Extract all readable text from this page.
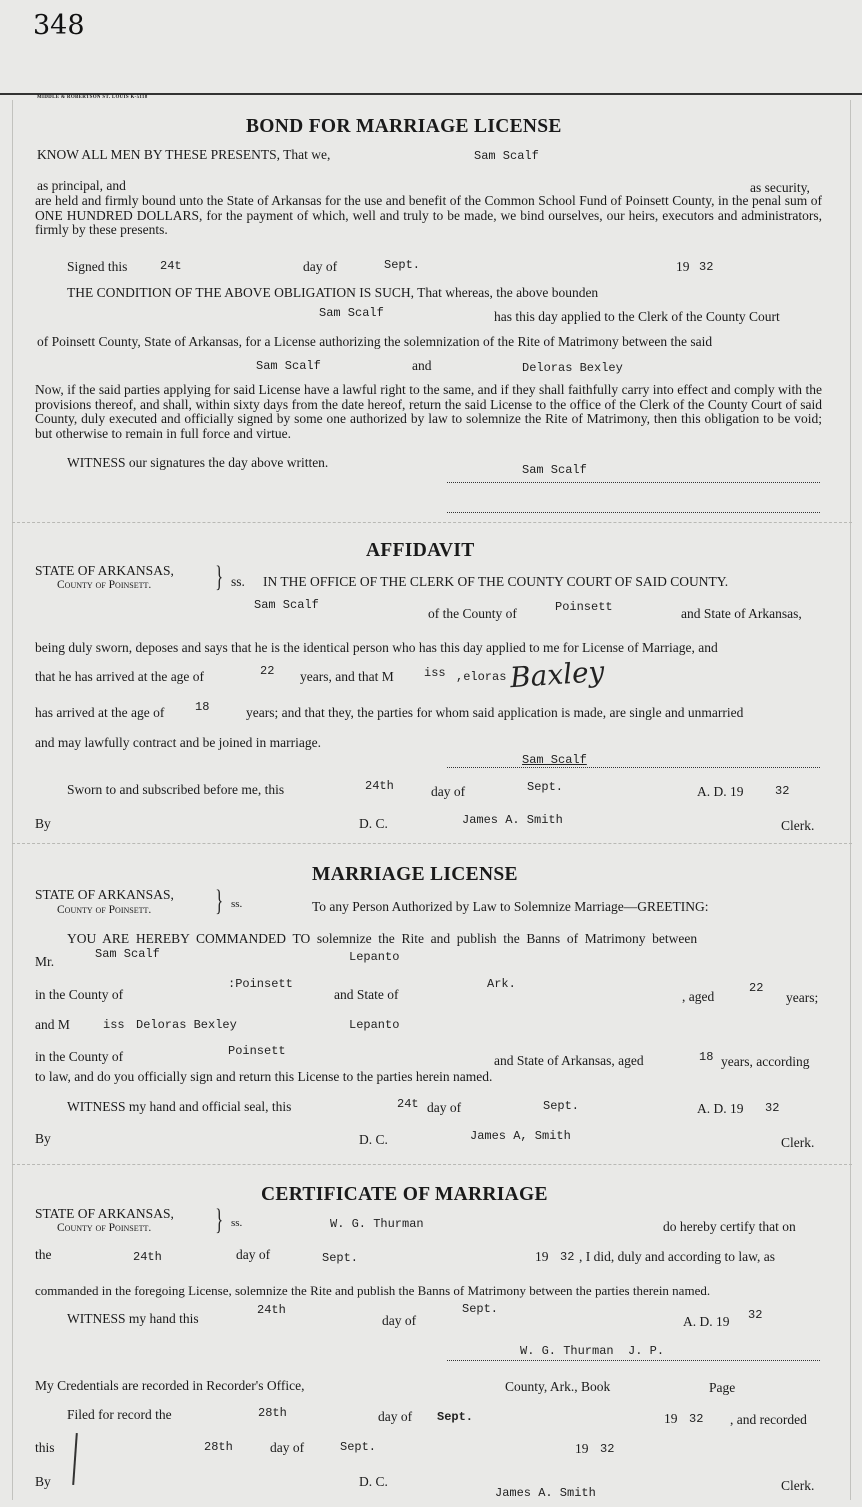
348
MIDDLE & ROBERTSON ST. LOUIS K-5118
BOND FOR MARRIAGE LICENSE
KNOW ALL MEN BY THESE PRESENTS, That we,	Sam Scalf
as principal, and	as security,
are held and firmly bound unto the State of Arkansas for the use and benefit of the Common School Fund of Poinsett County, in the penal sum of ONE HUNDRED DOLLARS, for the payment of which, well and truly to be made, we bind ourselves, our heirs, executors and administrators, firmly by these presents.
Signed this	24t	day of	Sept.	19 32
THE CONDITION OF THE ABOVE OBLIGATION IS SUCH, That whereas, the above bounden
Sam Scalf	has this day applied to the Clerk of the County Court
of Poinsett County, State of Arkansas, for a License authorizing the solemnization of the Rite of Matrimony between the said
Sam Scalf	and	Deloras Bexley
Now, if the said parties applying for said License have a lawful right to the same, and if they shall faithfully carry into effect and comply with the provisions thereof, and shall, within sixty days from the date hereof, return the said License to the office of the Clerk of the County Court of said County, duly executed and officially signed by some one authorized by law to solemnize the Rite of Matrimony, then this obligation to be void; but otherwise to remain in full force and virtue.
WITNESS our signatures the day above written.	Sam Scalf
AFFIDAVIT
STATE OF ARKANSAS,
County of Poinsett. } ss. IN THE OFFICE OF THE CLERK OF THE COUNTY COURT OF SAID COUNTY.
Sam Scalf
of the County of	Poinsett	and State of Arkansas,
being duly sworn, deposes and says that he is the identical person who has this day applied to me for License of Marriage, and
that he has arrived at the age of	22 years, and that M	iss ,eloras Baxley
has arrived at the age of	18	years; and that they, the parties for whom said application is made, are single and unmarried
and may lawfully contract and be joined in marriage.
Sam Scalf
Sworn to and subscribed before me, this	24th	day of	Sept.	A. D. 19	32
By	D. C.	James A. Smith	Clerk.
MARRIAGE LICENSE
STATE OF ARKANSAS,
County of Poinsett. } ss.	To any Person Authorized by Law to Solemnize Marriage—GREETING:
YOU ARE HEREBY COMMANDED TO solemnize the Rite and publish the Banns of Matrimony between
Mr.	Sam Scalf	Lepanto
in the County of
:Poinsett
and State of
Ark.
, aged
22
years;
and M	iss Deloras Bexley	Lepanto
in the County of	Poinsett
and State of Arkansas, aged	18 years, according
to law, and do you officially sign and return this License to the parties herein named.
WITNESS my hand and official seal, this	24t day of	Sept.	A. D. 19 32
By	D. C.	James A, Smith	Clerk.
CERTIFICATE OF MARRIAGE
STATE OF ARKANSAS,
County of Poinsett. } ss.	W. G. Thurman	do hereby certify that on
the	24th	day of	Sept.	19 32 , I did, duly and according to law, as
commanded in the foregoing License, solemnize the Rite and publish the Banns of Matrimony between the parties therein named.
WITNESS my hand this
24th
day of
Sept.
A. D. 19 32
W. G. Thurman  J. P.
My Credentials are recorded in Recorder's Office,	County, Ark., Book	Page
Filed for record the	28th	day of Sept.	19 32 , and recorded
this	28th	day of	Sept.	19 32
By	D. C.
James A. Smith	Clerk.
